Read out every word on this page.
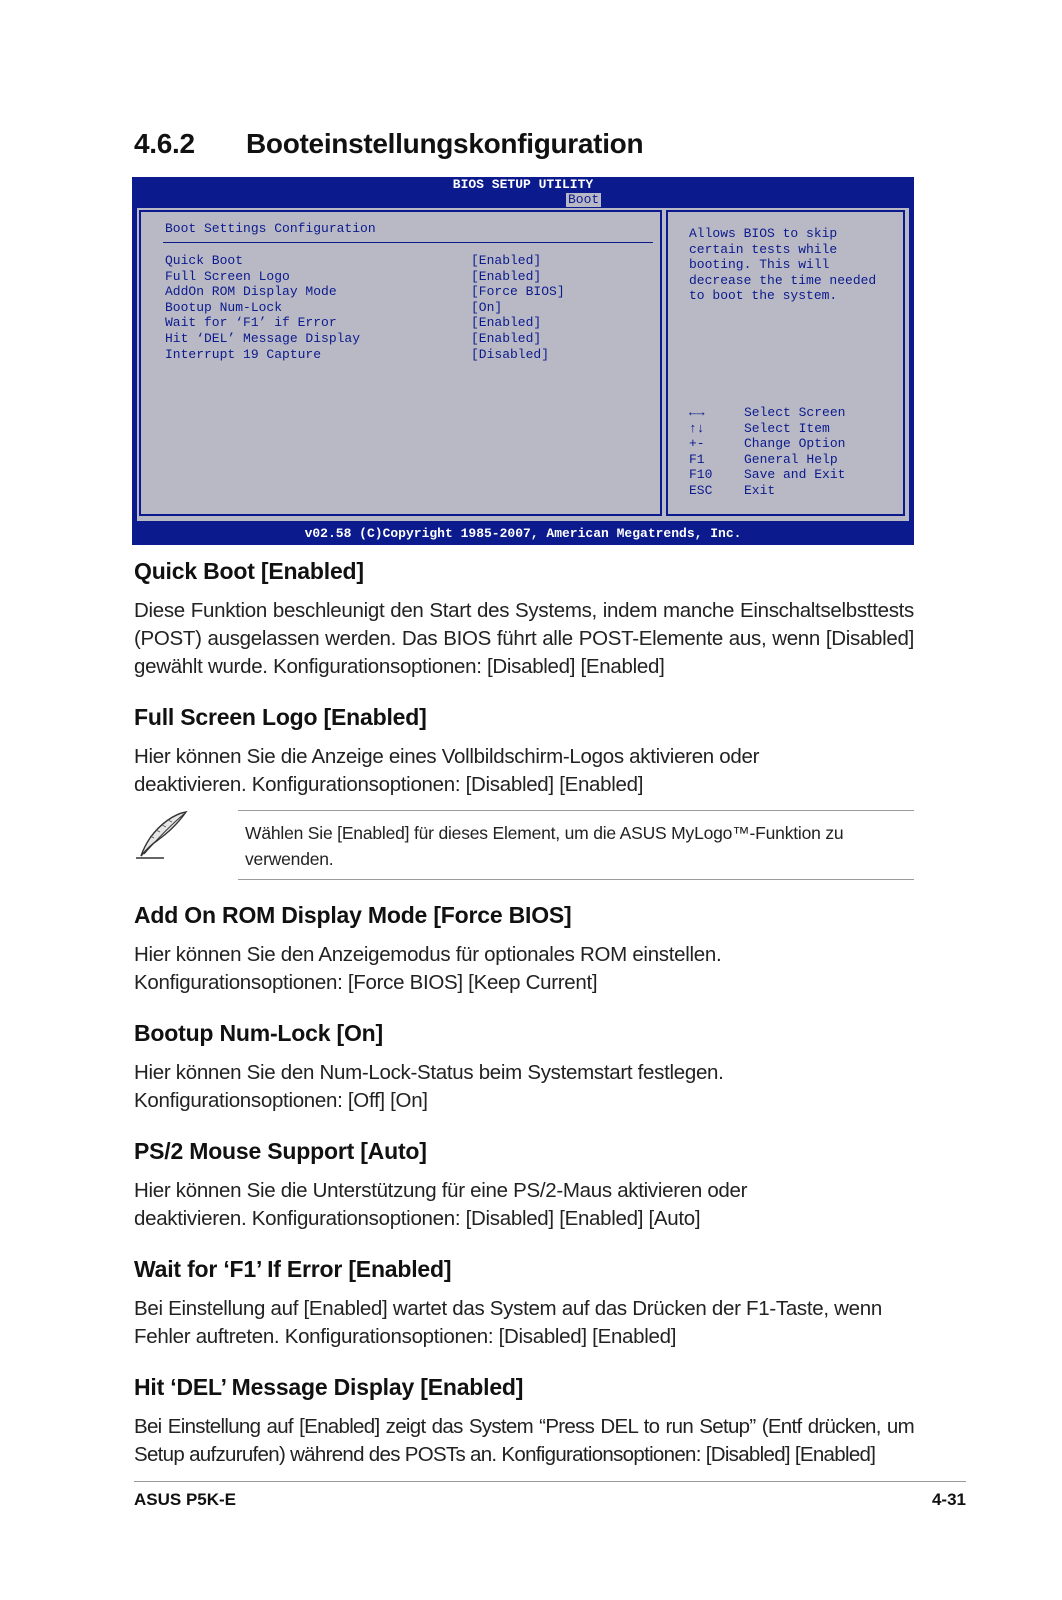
4.6.2 Booteinstellungskonfiguration
BIOS SETUP UTILITY
Boot
Boot Settings Configuration
Quick Boot	[Enabled]
Full Screen Logo	[Enabled]
AddOn ROM Display Mode	[Force BIOS]
Bootup Num-Lock	[On]
Wait for ‘F1’ if Error	[Enabled]
Hit ‘DEL’ Message Display	[Enabled]
Interrupt 19 Capture	[Disabled]
Allows BIOS to skip
certain tests while
booting. This will
decrease the time needed
to boot the system.
←→	Select Screen
↑↓	Select Item
+-	Change Option
F1	General Help
F10 Save and Exit
ESC Exit
v02.58 (C)Copyright 1985-2007, American Megatrends, Inc.
Quick Boot [Enabled]

Diese Funktion beschleunigt den Start des Systems, indem manche Einschaltselbsttests (POST) ausgelassen werden. Das BIOS führt alle POST-Elemente aus, wenn [Disabled] gewählt wurde. Konfigurationsoptionen: [Disabled] [Enabled]

Full Screen Logo [Enabled]

Hier können Sie die Anzeige eines Vollbildschirm-Logos aktivieren oder deaktivieren. Konfigurationsoptionen: [Disabled] [Enabled]

Wählen Sie [Enabled] für dieses Element, um die ASUS MyLogo™-Funktion zu verwenden.

Add On ROM Display Mode [Force BIOS]

Hier können Sie den Anzeigemodus für optionales ROM einstellen. Konfigurationsoptionen: [Force BIOS] [Keep Current]

Bootup Num-Lock [On]

Hier können Sie den Num-Lock-Status beim Systemstart festlegen. Konfigurationsoptionen: [Off] [On]

PS/2 Mouse Support [Auto]

Hier können Sie die Unterstützung für eine PS/2-Maus aktivieren oder deaktivieren. Konfigurationsoptionen: [Disabled] [Enabled] [Auto]

Wait for ‘F1’ If Error [Enabled]

Bei Einstellung auf [Enabled] wartet das System auf das Drücken der F1-Taste, wenn Fehler auftreten. Konfigurationsoptionen: [Disabled] [Enabled]

Hit ‘DEL’ Message Display [Enabled]

Bei Einstellung auf [Enabled] zeigt das System “Press DEL to run Setup” (Entf drücken, um Setup aufzurufen) während des POSTs an. Konfigurationsoptionen: [Disabled] [Enabled]

ASUS P5K-E	4-31
